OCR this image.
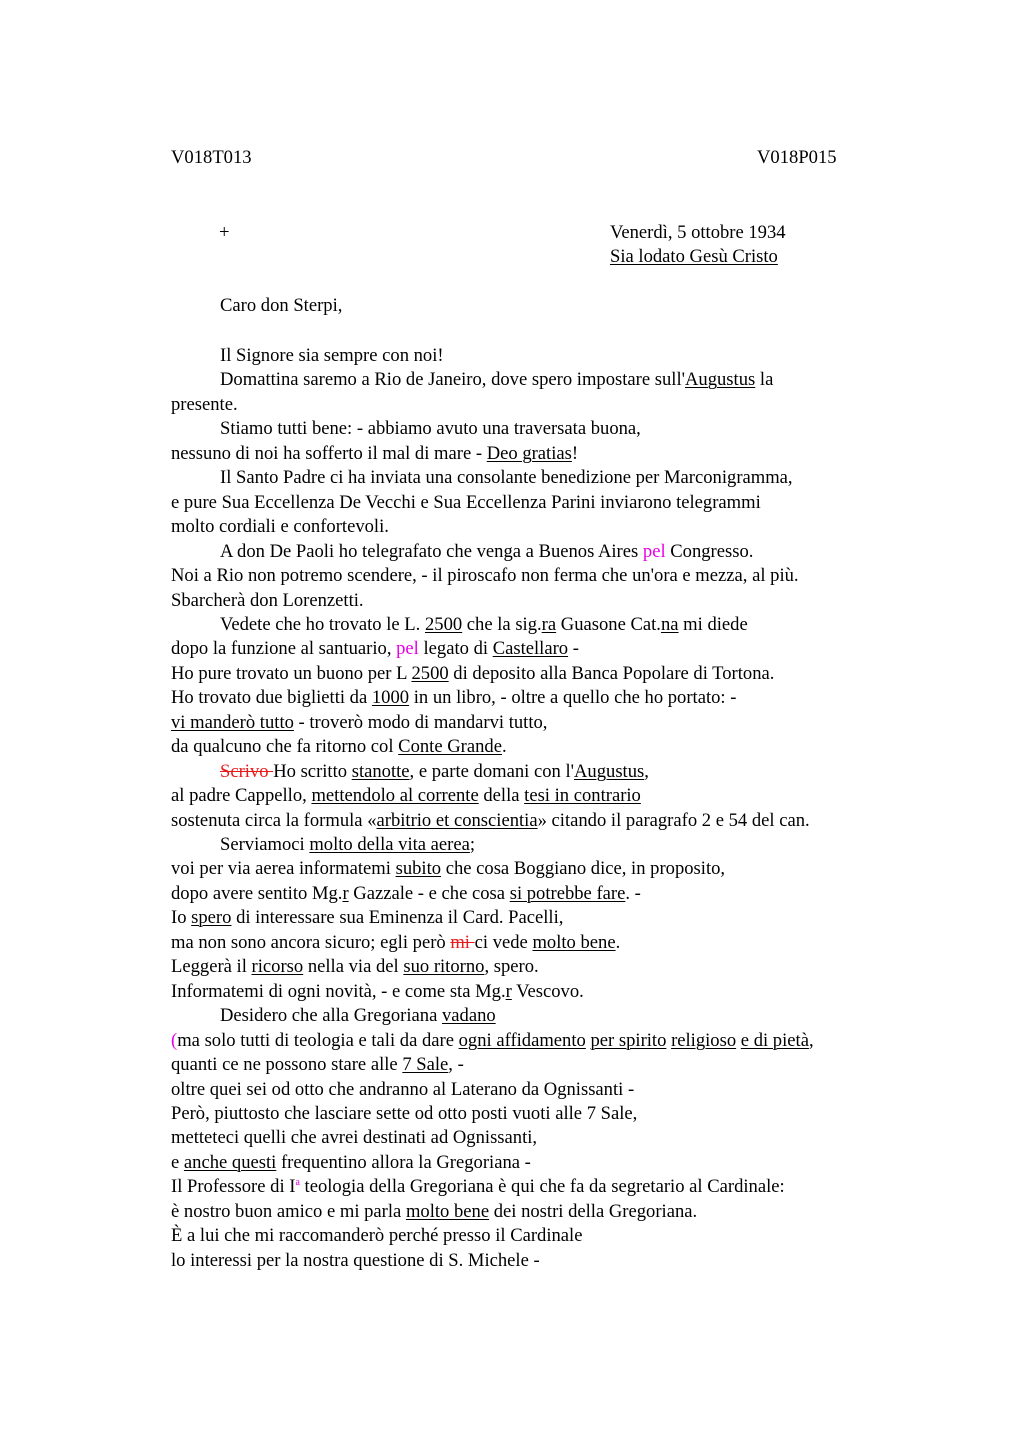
V018T013	V018P015
+	Venerdì, 5 ottobre 1934
Sia lodato Gesù Cristo
Caro don Sterpi,
Il Signore sia sempre con noi!
Domattina saremo a Rio de Janeiro, dove spero impostare sull'Augustus la
presente.
Stiamo tutti bene: - abbiamo avuto una traversata buona,
nessuno di noi ha sofferto il mal di mare - Deo gratias!
Il Santo Padre ci ha inviata una consolante benedizione per Marconigramma,
e pure Sua Eccellenza De Vecchi e Sua Eccellenza Parini inviarono telegrammi
molto cordiali e confortevoli.
A don De Paoli ho telegrafato che venga a Buenos Aires pel Congresso.
Noi a Rio non potremo scendere, - il piroscafo non ferma che un'ora e mezza, al più.
Sbarcherà don Lorenzetti.
Vedete che ho trovato le L. 2500 che la sig.ra Guasone Cat.na mi diede
dopo la funzione al santuario, pel legato di Castellaro -
Ho pure trovato un buono per L 2500 di deposito alla Banca Popolare di Tortona.
Ho trovato due biglietti da 1000 in un libro, - oltre a quello che ho portato: -
vi manderò tutto - troverò modo di mandarvi tutto,
da qualcuno che fa ritorno col Conte Grande.
Scrivo Ho scritto stanotte, e parte domani con l'Augustus,
al padre Cappello, mettendolo al corrente della tesi in contrario
sostenuta circa la formula «arbitrio et conscientia» citando il paragrafo 2 e 54 del can.
Serviamoci molto della vita aerea;
voi per via aerea informatemi subito che cosa Boggiano dice, in proposito,
dopo avere sentito Mg.r Gazzale - e che cosa si potrebbe fare. -
Io spero di interessare sua Eminenza il Card. Pacelli,
ma non sono ancora sicuro; egli però mi ci vede molto bene.
Leggerà il ricorso nella via del suo ritorno, spero.
Informatemi di ogni novità, - e come sta Mg.r Vescovo.
Desidero che alla Gregoriana vadano
(ma solo tutti di teologia e tali da dare ogni affidamento per spirito religioso e di pietà,
quanti ce ne possono stare alle 7 Sale, -
oltre quei sei od otto che andranno al Laterano da Ognissanti -
Però, piuttosto che lasciare sette od otto posti vuoti alle 7 Sale,
metteteci quelli che avrei destinati ad Ognissanti,
e anche questi frequentino allora la Gregoriana -
Il Professore di $I^a$ teologia della Gregoriana è qui che fa da segretario al Cardinale:
è nostro buon amico e mi parla molto bene dei nostri della Gregoriana.
È a lui che mi raccomanderò perché presso il Cardinale
lo interessi per la nostra questione di S. Michele -
